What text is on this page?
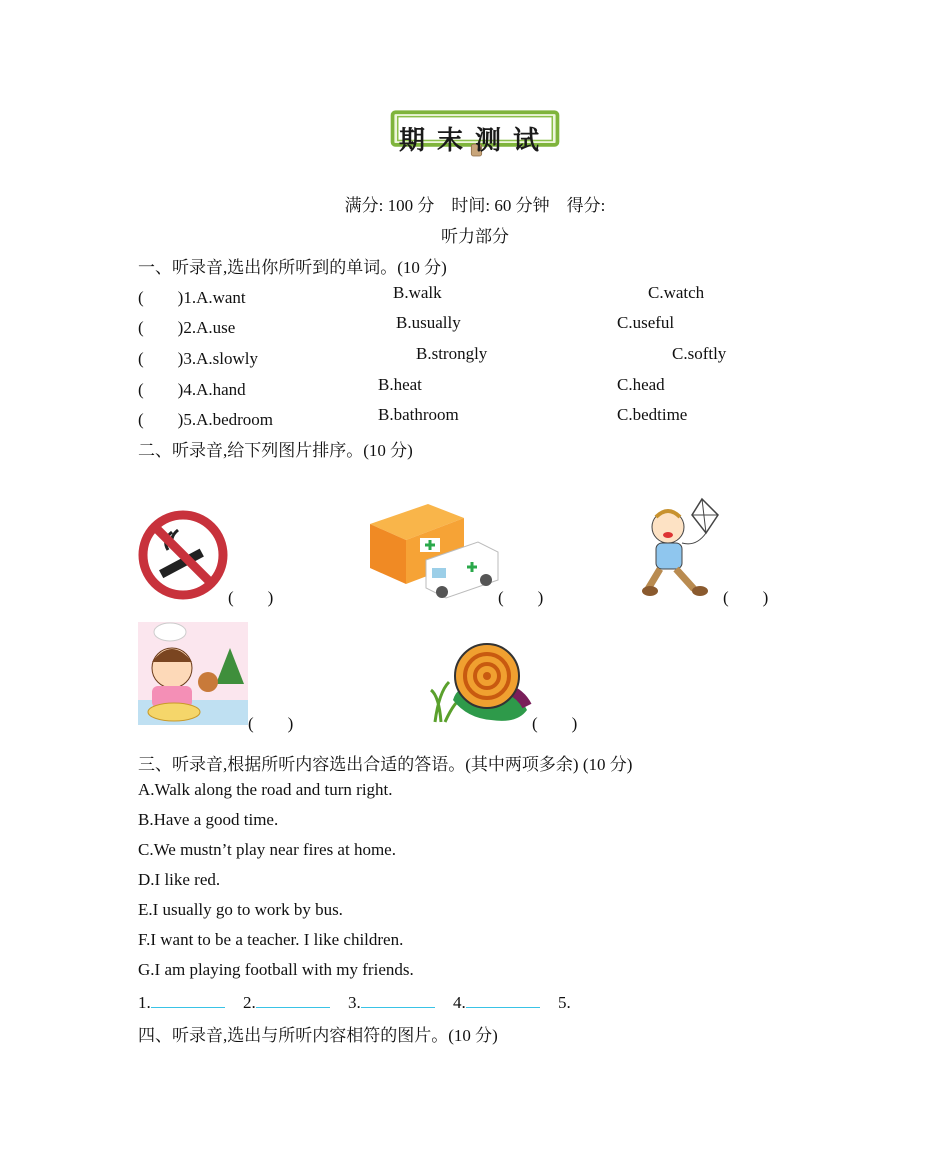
期末测试
满分: 100 分　时间: 60 分钟　得分:
听力部分
一、听录音,选出你所听到的单词。(10 分)
(　　)1.A.want	B.walk	C.watch
(　　)2.A.use	B.usually	C.useful
(　　)3.A.slowly	B.strongly	C.softly
(　　)4.A.hand	B.heat	C.head
(　　)5.A.bedroom	B.bathroom	C.bedtime
二、听录音,给下列图片排序。(10 分)
(　　)	(　　)	(　　)
(　　)	(　　)
三、听录音,根据所听内容选出合适的答语。(其中两项多余) (10 分)
A.Walk along the road and turn right.
B.Have a good time.
C.We mustn’t play near fires at home.
D.I like red.
E.I usually go to work by bus.
F.I want to be a teacher. I like children.
G.I am playing football with my friends.
1.	2.	3.	4.	5.
四、听录音,选出与所听内容相符的图片。(10 分)
